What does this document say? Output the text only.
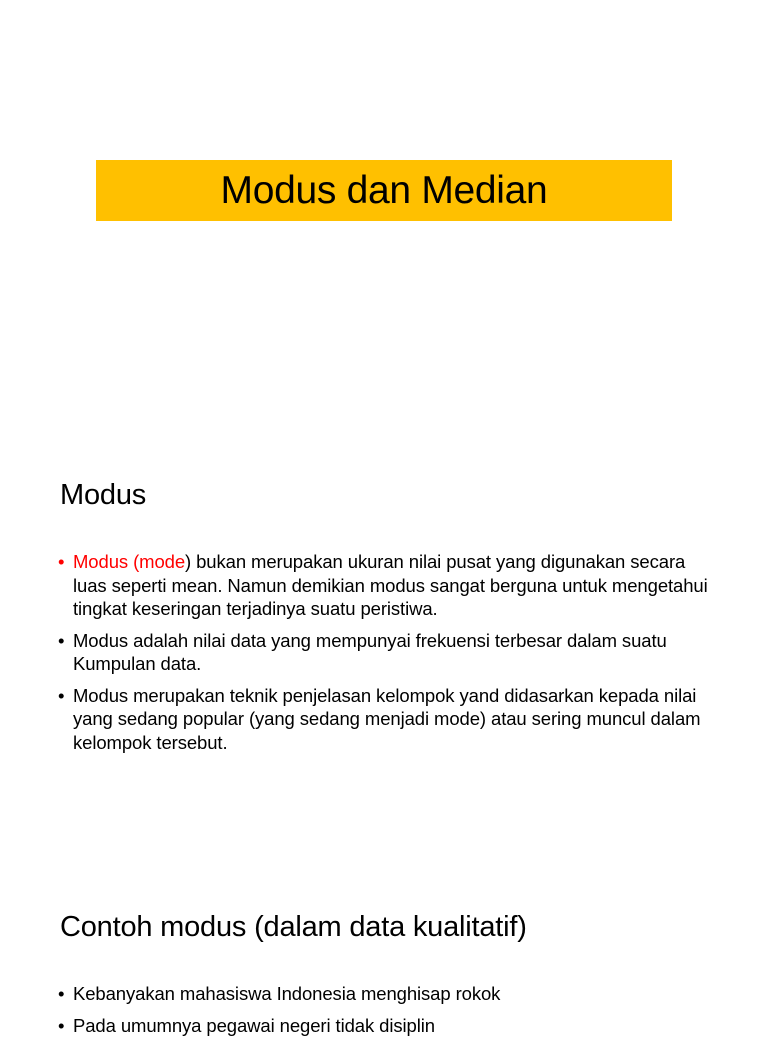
Modus dan Median
Modus
• Modus (mode) bukan merupakan ukuran nilai pusat yang digunakan secara luas seperti mean. Namun demikian modus sangat berguna untuk mengetahui tingkat keseringan terjadinya suatu peristiwa.
• Modus adalah nilai data yang mempunyai frekuensi terbesar dalam suatu Kumpulan data.
• Modus merupakan teknik penjelasan kelompok yand didasarkan kepada nilai yang sedang popular (yang sedang menjadi mode) atau sering muncul dalam kelompok tersebut.
Contoh modus (dalam data kualitatif)
• Kebanyakan mahasiswa Indonesia menghisap rokok
• Pada umumnya pegawai negeri tidak disiplin
